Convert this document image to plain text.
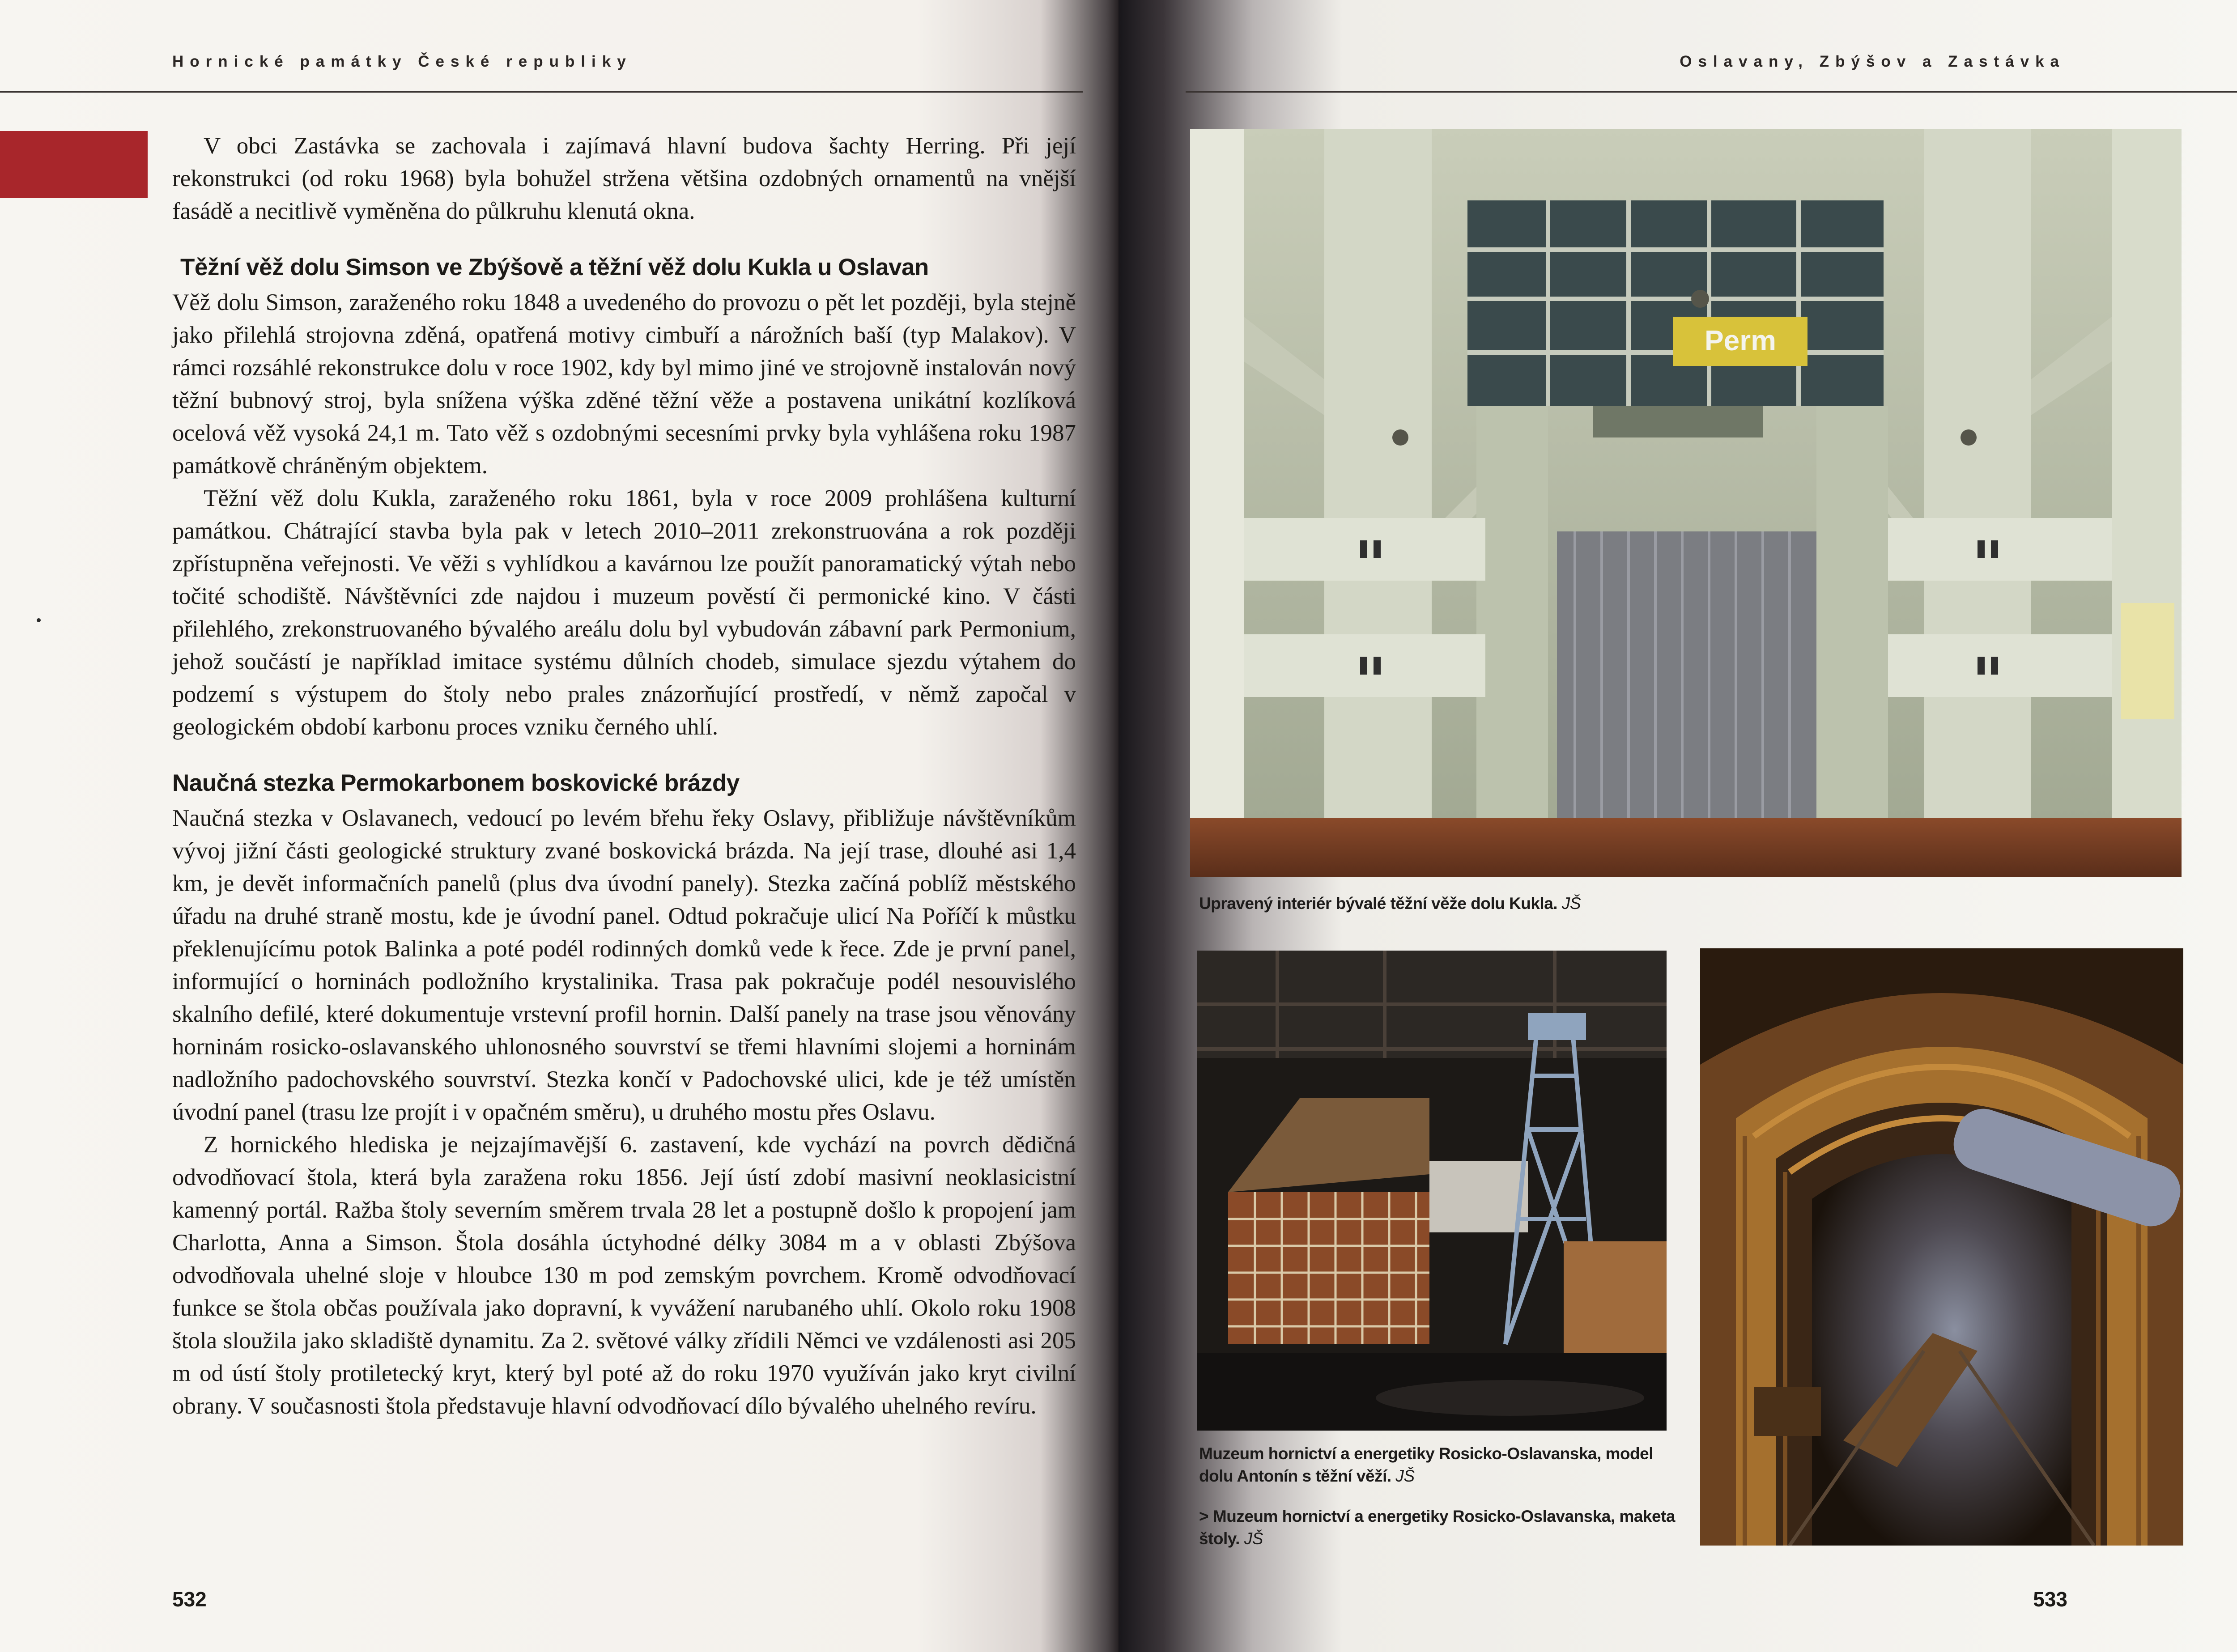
Hornické památky České republiky

V obci Zastávka se zachovala i zajímavá hlavní budova šachty Herring. Při její rekonstrukci (od roku 1968) byla bohužel stržena většina ozdobných ornamentů na vnější fasádě a necitlivě vyměněna do půlkruhu klenutá okna.

Těžní věž dolu Simson ve Zbýšově a těžní věž dolu Kukla u Oslavan

Věž dolu Simson, zaraženého roku 1848 a uvedeného do provozu o pět let později, byla stejně jako přilehlá strojovna zděná, opatřená motivy cimbuří a nárožních baší (typ Malakov). V rámci rozsáhlé rekonstrukce dolu v roce 1902, kdy byl mimo jiné ve strojovně instalován nový těžní bubnový stroj, byla snížena výška zděné těžní věže a postavena unikátní kozlíková ocelová věž vysoká 24,1 m. Tato věž s ozdobnými secesními prvky byla vyhlášena roku 1987 památkově chráněným objektem.

Těžní věž dolu Kukla, zaraženého roku 1861, byla v roce 2009 prohlášena kulturní památkou. Chátrající stavba byla pak v letech 2010–2011 zrekonstruována a rok později zpřístupněna veřejnosti. Ve věži s vyhlídkou a kavárnou lze použít panoramatický výtah nebo točité schodiště. Návštěvníci zde najdou i muzeum pověstí či permonické kino. V části přilehlého, zrekonstruovaného bývalého areálu dolu byl vybudován zábavní park Permonium, jehož součástí je například imitace systému důlních chodeb, simulace sjezdu výtahem do podzemí s výstupem do štoly nebo prales znázorňující prostředí, v němž započal v geologickém období karbonu proces vzniku černého uhlí.

Naučná stezka Permokarbonem boskovické brázdy

Naučná stezka v Oslavanech, vedoucí po levém břehu řeky Oslavy, přibližuje návštěvníkům vývoj jižní části geologické struktury zvané boskovická brázda. Na její trase, dlouhé asi 1,4 km, je devět informačních panelů (plus dva úvodní panely). Stezka začíná poblíž městského úřadu na druhé straně mostu, kde je úvodní panel. Odtud pokračuje ulicí Na Poříčí k můstku překlenujícímu potok Balinka a poté podél rodinných domků vede k řece. Zde je první panel, informující o horninách podložního krystalinika. Trasa pak pokračuje podél nesouvislého skalního defilé, které dokumentuje vrstevní profil hornin. Další panely na trase jsou věnovány horninám rosicko-oslavanského uhlonosného souvrství se třemi hlavními slojemi a horninám nadložního padochovského souvrství. Stezka končí v Padochovské ulici, kde je též umístěn úvodní panel (trasu lze projít i v opačném směru), u druhého mostu přes Oslavu.

Z hornického hlediska je nejzajímavější 6. zastavení, kde vychází na povrch dědičná odvodňovací štola, která byla zaražena roku 1856. Její ústí zdobí masivní neoklasicistní kamenný portál. Ražba štoly severním směrem trvala 28 let a postupně došlo k propojení jam Charlotta, Anna a Simson. Štola dosáhla úctyhodné délky 3084 m a v oblasti Zbýšova odvodňovala uhelné sloje v hloubce 130 m pod zemským povrchem. Kromě odvodňovací funkce se štola občas používala jako dopravní, k vyvážení narubaného uhlí. Okolo roku 1908 štola sloužila jako skladiště dynamitu. Za 2. světové války zřídili Němci ve vzdálenosti asi 205 m od ústí štoly protiletecký kryt, který byl poté až do roku 1970 využíván jako kryt civilní obrany. V současnosti štola představuje hlavní odvodňovací dílo bývalého uhelného revíru.

532
Oslavany, Zbýšov a Zastávka
Perm
Upravený interiér bývalé těžní věže dolu Kukla. JŠ
Muzeum hornictví a energetiky Rosicko-Oslavanska, model dolu Antonín s těžní věží. JŠ
> Muzeum hornictví a energetiky Rosicko-Oslavanska, maketa štoly. JŠ
533
